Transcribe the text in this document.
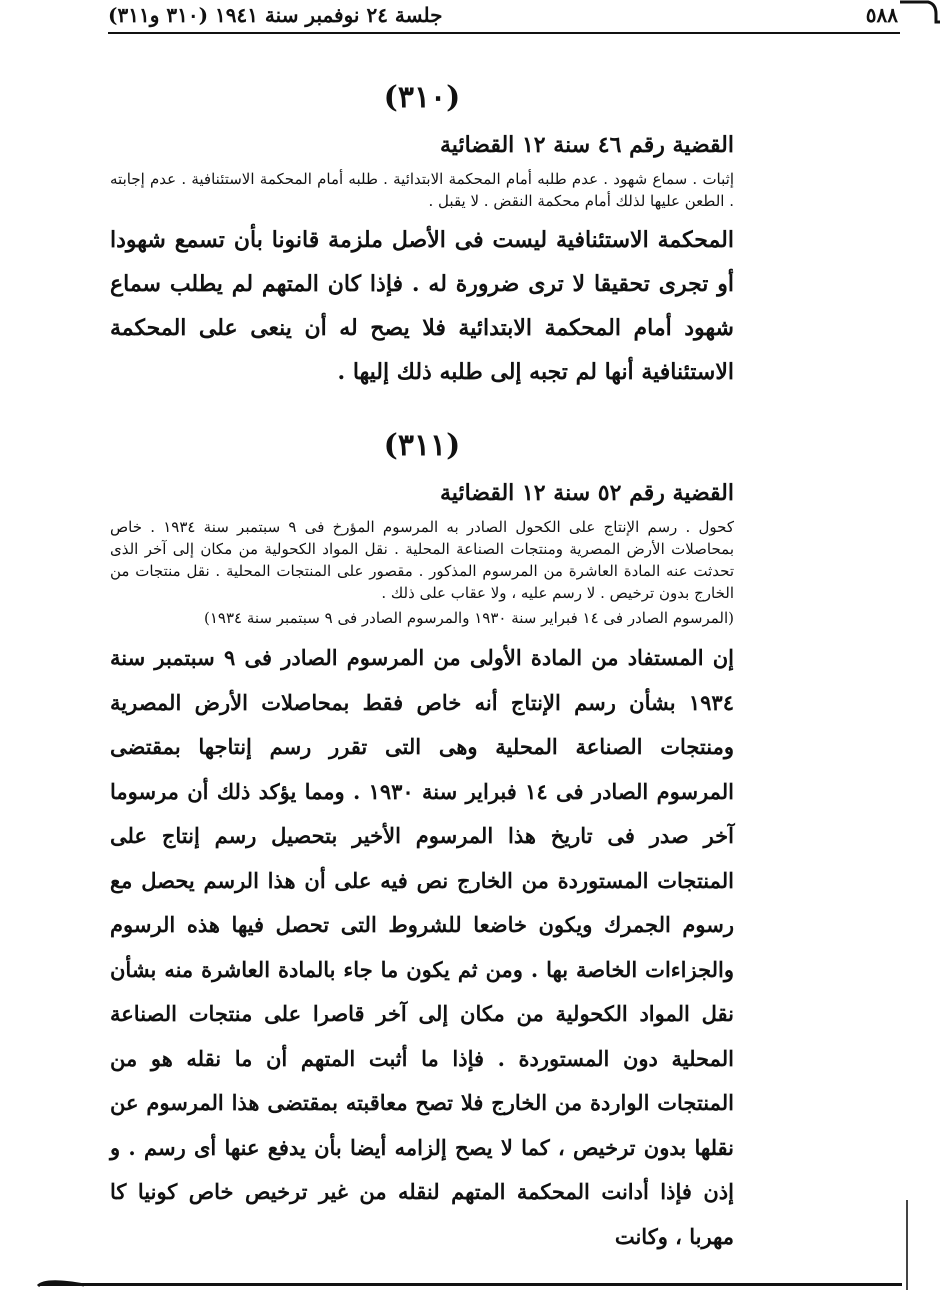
٥٨٨
جلسة ٢٤ نوفمبر سنة ١٩٤١ (٣١٠ و٣١١)
(٣١٠)
القضية رقم ٤٦ سنة ١٢ القضائية
إثبات . سماع شهود . عدم طلبه أمام المحكمة الابتدائية . طلبه أمام المحكمة الاستئنافية . عدم إجابته . الطعن عليها لذلك أمام محكمة النقض . لا يقبل .
المحكمة الاستئنافية ليست فى الأصل ملزمة قانونا بأن تسمع شهودا أو تجرى تحقيقا لا ترى ضرورة له . فإذا كان المتهم لم يطلب سماع شهود أمام المحكمة الابتدائية فلا يصح له أن ينعى على المحكمة الاستئنافية أنها لم تجبه إلى طلبه ذلك إليها .
(٣١١)
القضية رقم ٥٢ سنة ١٢ القضائية
كحول . رسم الإنتاج على الكحول الصادر به المرسوم المؤرخ فى ٩ سبتمبر سنة ١٩٣٤ . خاص بمحاصلات الأرض المصرية ومنتجات الصناعة المحلية . نقل المواد الكحولية من مكان إلى آخر الذى تحدثت عنه المادة العاشرة من المرسوم المذكور . مقصور على المنتجات المحلية . نقل منتجات من الخارج بدون ترخيص . لا رسم عليه ، ولا عقاب على ذلك .
(المرسوم الصادر فى ١٤ فبراير سنة ١٩٣٠ والمرسوم الصادر فى ٩ سبتمبر سنة ١٩٣٤)
إن المستفاد من المادة الأولى من المرسوم الصادر فى ٩ سبتمبر سنة ١٩٣٤ بشأن رسم الإنتاج أنه خاص فقط بمحاصلات الأرض المصرية ومنتجات الصناعة المحلية وهى التى تقرر رسم إنتاجها بمقتضى المرسوم الصادر فى ١٤ فبراير سنة ١٩٣٠ . ومما يؤكد ذلك أن مرسوما آخر صدر فى تاريخ هذا المرسوم الأخير بتحصيل رسم إنتاج على المنتجات المستوردة من الخارج نص فيه على أن هذا الرسم يحصل مع رسوم الجمرك ويكون خاضعا للشروط التى تحصل فيها هذه الرسوم والجزاءات الخاصة بها . ومن ثم يكون ما جاء بالمادة العاشرة منه بشأن نقل المواد الكحولية من مكان إلى آخر قاصرا على منتجات الصناعة المحلية دون المستوردة . فإذا ما أثبت المتهم أن ما نقله هو من المنتجات الواردة من الخارج فلا تصح معاقبته بمقتضى هذا المرسوم عن نقلها بدون ترخيص ، كما لا يصح إلزامه أيضا بأن يدفع عنها أى رسم . و إذن فإذا أدانت المحكمة المتهم لنقله من غير ترخيص خاص كونيا كا مهربا ، وكانت
